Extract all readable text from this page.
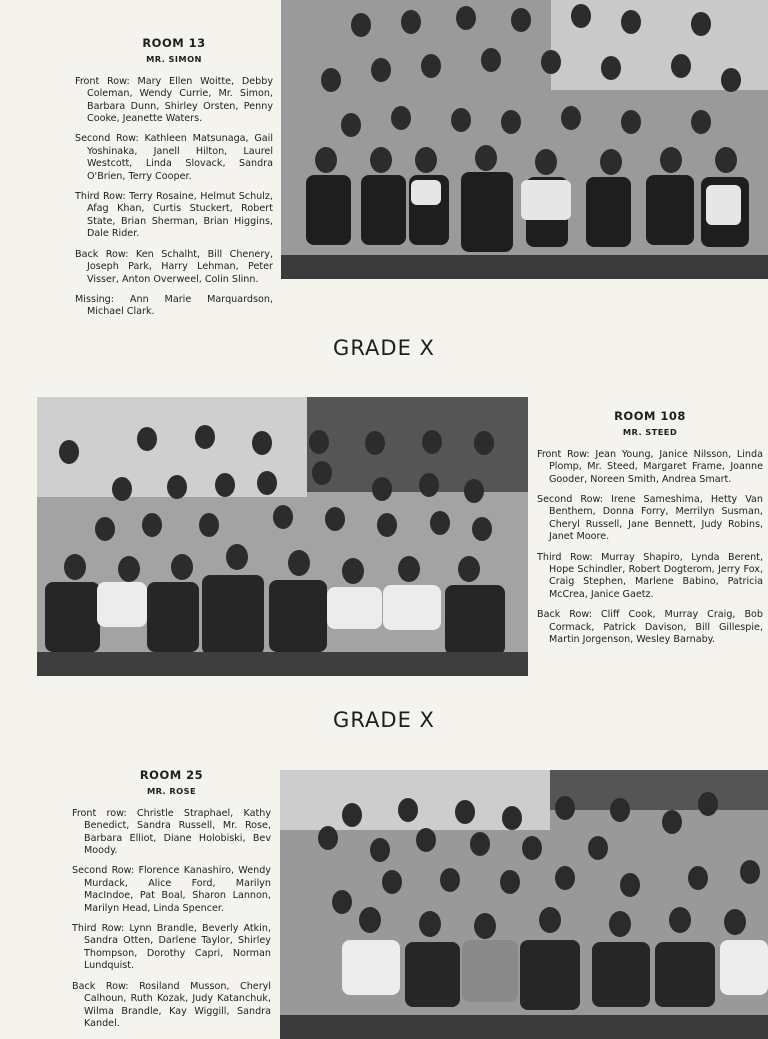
ROOM 13

MR. SIMON

Front Row: Mary Ellen Woitte, Debby Coleman, Wendy Currie, Mr. Simon, Barbara Dunn, Shirley Orsten, Penny Cooke, Jeanette Waters.

Second Row: Kathleen Matsunaga, Gail Yoshinaka, Janell Hilton, Laurel Westcott, Linda Slovack, Sandra O'Brien, Terry Cooper.

Third Row: Terry Rosaine, Helmut Schulz, Afag Khan, Curtis Stuckert, Robert State, Brian Sherman, Brian Higgins, Dale Rider.

Back Row: Ken Schalht, Bill Chenery, Joseph Park, Harry Lehman, Peter Visser, Anton Overweel, Colin Slinn.

Missing: Ann Marie Marquardson, Michael Clark.

GRADE X

ROOM 108

MR. STEED

Front Row: Jean Young, Janice Nilsson, Linda Plomp, Mr. Steed, Margaret Frame, Joanne Gooder, Noreen Smith, Andrea Smart.

Second Row: Irene Sameshima, Hetty Van Benthem, Donna Forry, Merrilyn Susman, Cheryl Russell, Jane Bennett, Judy Robins, Janet Moore.

Third Row: Murray Shapiro, Lynda Berent, Hope Schindler, Robert Dogterom, Jerry Fox, Craig Stephen, Marlene Babino, Patricia McCrea, Janice Gaetz.

Back Row: Cliff Cook, Murray Craig, Bob Cormack, Patrick Davison, Bill Gillespie, Martin Jorgenson, Wesley Barnaby.

GRADE X

ROOM 25

MR. ROSE

Front row: Christle Straphael, Kathy Benedict, Sandra Russell, Mr. Rose, Barbara Elliot, Diane Holobiski, Bev Moody.

Second Row: Florence Kanashiro, Wendy Murdack, Alice Ford, Marilyn MacIndoe, Pat Boal, Sharon Lannon, Marilyn Head, Linda Spencer.

Third Row: Lynn Brandle, Beverly Atkin, Sandra Otten, Darlene Taylor, Shirley Thompson, Dorothy Capri, Norman Lundquist.

Back Row: Rosiland Musson, Cheryl Calhoun, Ruth Kozak, Judy Katanchuk, Wilma Brandle, Kay Wiggill, Sandra Kandel.
